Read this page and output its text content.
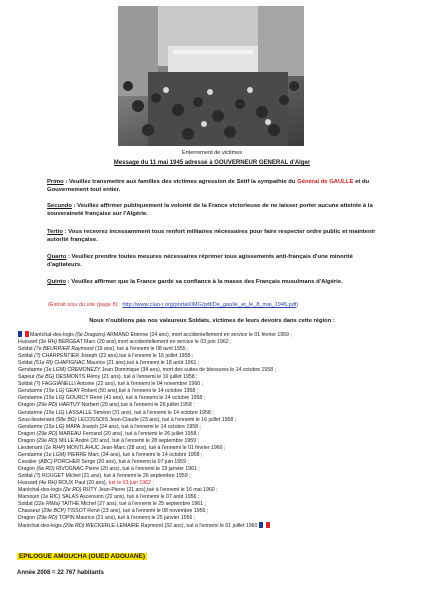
Enterrement de victimes
Message du 11 mai 1945 adressé à GOUVERNEUR GENERAL d'Alger
Primo : Veuillez transmettre aux familles des victimes agression de Sétif la sympathie du Général de GAULLE et du Gouvernement tout entier.
Secundo : Veuillez affirmer publiquement la volonté de la France victorieuse de ne laisser porter aucune atteinte à la souveraineté française sur l'Algérie.
Tertio : Vous recevrez incessamment tous renfort militaires nécessaires pour faire respecter ordre public et maintenir autorité française.
Quarto : Veuillez prendre toutes mesures nécessaires réprimer tous agissements anti-français d'une minorité d'agitateurs.
Quinto : Veuillez affirmer que la France garde sa confiance à la masse des Français musulmans d'Algérie.
(Extrait issu du site (page 8) : http://www.clan-r.org/portail/IMG/pdf/De_gaulle_et_le_8_mai_1945.pdf)
Nous n'oublions pas nos valeureux Soldats, victimes de leurs devoirs dans cette région :
Maréchal-des-logis (5e Dragons) ARMAND Etienne (24 ans), mort accidentellement en service le 01 février 1959 ;
Hussard (3e RH) BERGEAT Marc (20 ans),mort accidentellement en service le 03 juin 1962 ;
Soldat (7e BEURRIER Raymond (19 ans), tué à l'ennemi le 08 avril 1955 ;
Soldat (?) CHARPENTIER Joseph (22 ans),tué à l'ennemi le 16 juillet 1958 ;
Soldat (51e RI) CHAPIGNAC Maurice (21 ans),tué à l'ennemi le 18 août 1961 ;
Gendarme (1e LGM) CREMONEZY Jean Dominique (34 ans), mort des suites de blessures le 14 octobre 1958 ;
Sapeur (5e BG) DESMONTS Rémy (21 ans), tué à l'ennemi le 16 juillet 1958 ;
Soldat (?) FAGGIANELLI Antoine (22 ans), tué à l'ennemi le 04 novembre 1960 ;
Gendarme (15e LG) GEAY Robert (50 ans),tué à l'ennemi le 14 octobre 1958 ;
Gendarme (15e LG) GOURCY René (41 ans), tué à l'ennemi le 14 octobre 1958 ;
Dragon (29e RD) HARTUY Norbert (20 ans),tué à l'ennemi le 26 juillet 1958 ;
Gendarme (15e LG) LASSALLE Siméon (31 ans), tué à l'ennemi le 14 octobre 1958 ;
Sous-lieutenant (58e BG) LECOSSOIS Jean-Claude (23 ans), tué à l'ennemi le 16 juillet 1958 ;
Gendarme (15e LG) MAPA Joseph (24 ans), tué à l'ennemi le 14 octobre 1958 ;
Dragon (29e RD) MAREAU Fernand (20 ans), tué à l'ennemi le 26 juillet 1958 ;
Dragon (29e RD) MILLE André (20 ans), tué à l'ennemi le 28 septembre 1959 ;
Lieutenant (1e RHP) MONTLAHUC Jean-Marc (28 ans), tué à l'ennemi le 01 février 1960 ;
Gendarme (1e LGM) PIERRE Marc (34 ans), tué à l'ennemi le 14 octobre 1958 ;
Cavalier (ABC) PORCHER Serge (20 ans), tué à l'ennemi le 07 juin 1959 ;
Dragon (6e RD) RIVOGNAC Pierre (20 ans), tué à l'ennemi le 19 janvier 1961 ;
Soldat (?) ROUGET Michel (21 ans), tué à l'ennemi le 26 septembre 1959 ;
Hussard (4e RH) ROUX Paul (20 ans), tué le 03 juin 1962 ;
Maréchal-des-logis (2e RD) RUTY Jean-Pierre (21 ans),tué à l'ennemi le 16 mai 1960 ;
Marsouin (1e RIC) SALAS Ascension (22 ans), tué à l'ennemi le 07 août 1956 ;
Soldat (22e RIMa) TAITHE Michel (27 ans), tué à l'ennemi le 25 septembre 1961 ;
Chasseur (29e BCP) TISSOT René (23 ans), tué à l'ennemi le 08 novembre 1956 ;
Dragon (29e RD) TOPIN Maurice (21 ans), tué à l'ennemi le 25 janvier 1956 ;
Maréchal-des-logis (29e RD) WECKERLE-LEMAIRE Raymond (32 ans), tué à l'ennemi le 01 juillet 1960
EPILOGUE AMOUCHA (OUED ADOUANE)
Année 2008 = 22 767 habitants
